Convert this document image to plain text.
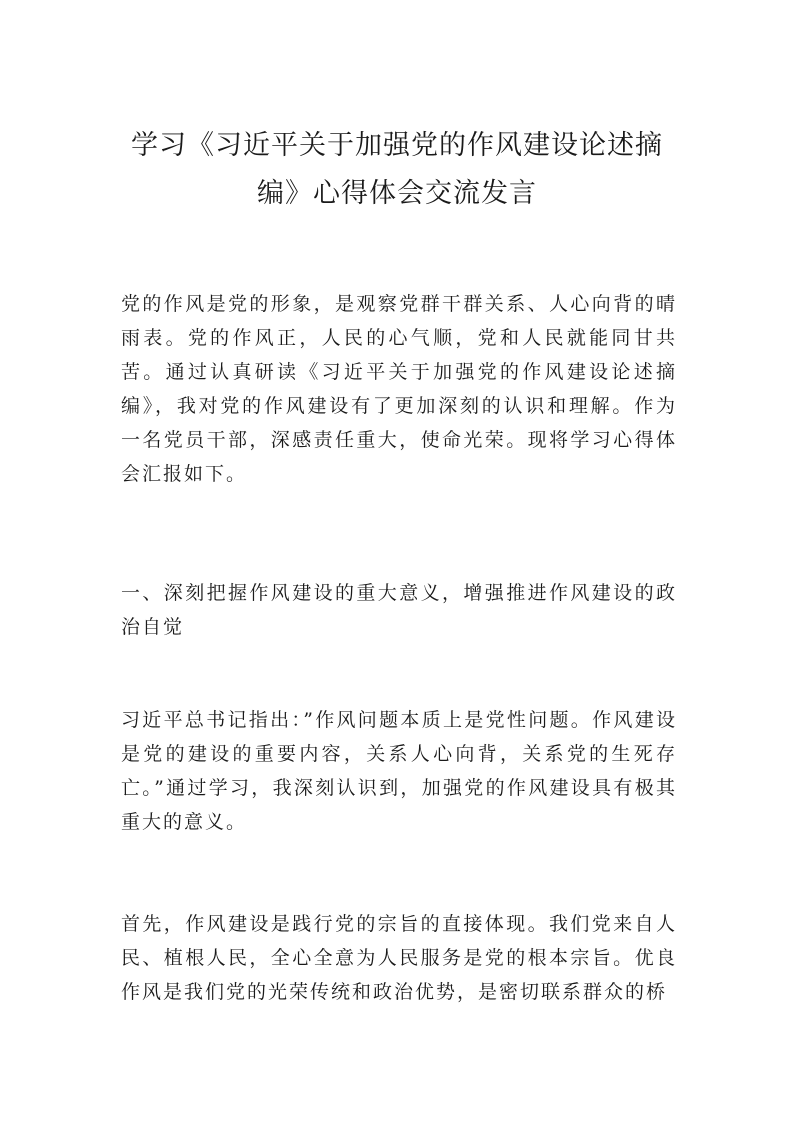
学习《习近平关于加强党的作风建设论述摘编》心得体会交流发言

党的作风是党的形象，是观察党群干群关系、人心向背的晴雨表。党的作风正，人民的心气顺，党和人民就能同甘共苦。通过认真研读《习近平关于加强党的作风建设论述摘编》，我对党的作风建设有了更加深刻的认识和理解。作为一名党员干部，深感责任重大，使命光荣。现将学习心得体会汇报如下。

一、深刻把握作风建设的重大意义，增强推进作风建设的政治自觉

习近平总书记指出：”作风问题本质上是党性问题。作风建设是党的建设的重要内容，关系人心向背，关系党的生死存亡。”通过学习，我深刻认识到，加强党的作风建设具有极其重大的意义。

首先，作风建设是践行党的宗旨的直接体现。我们党来自人民、植根人民，全心全意为人民服务是党的根本宗旨。优良作风是我们党的光荣传统和政治优势，是密切联系群众的桥
